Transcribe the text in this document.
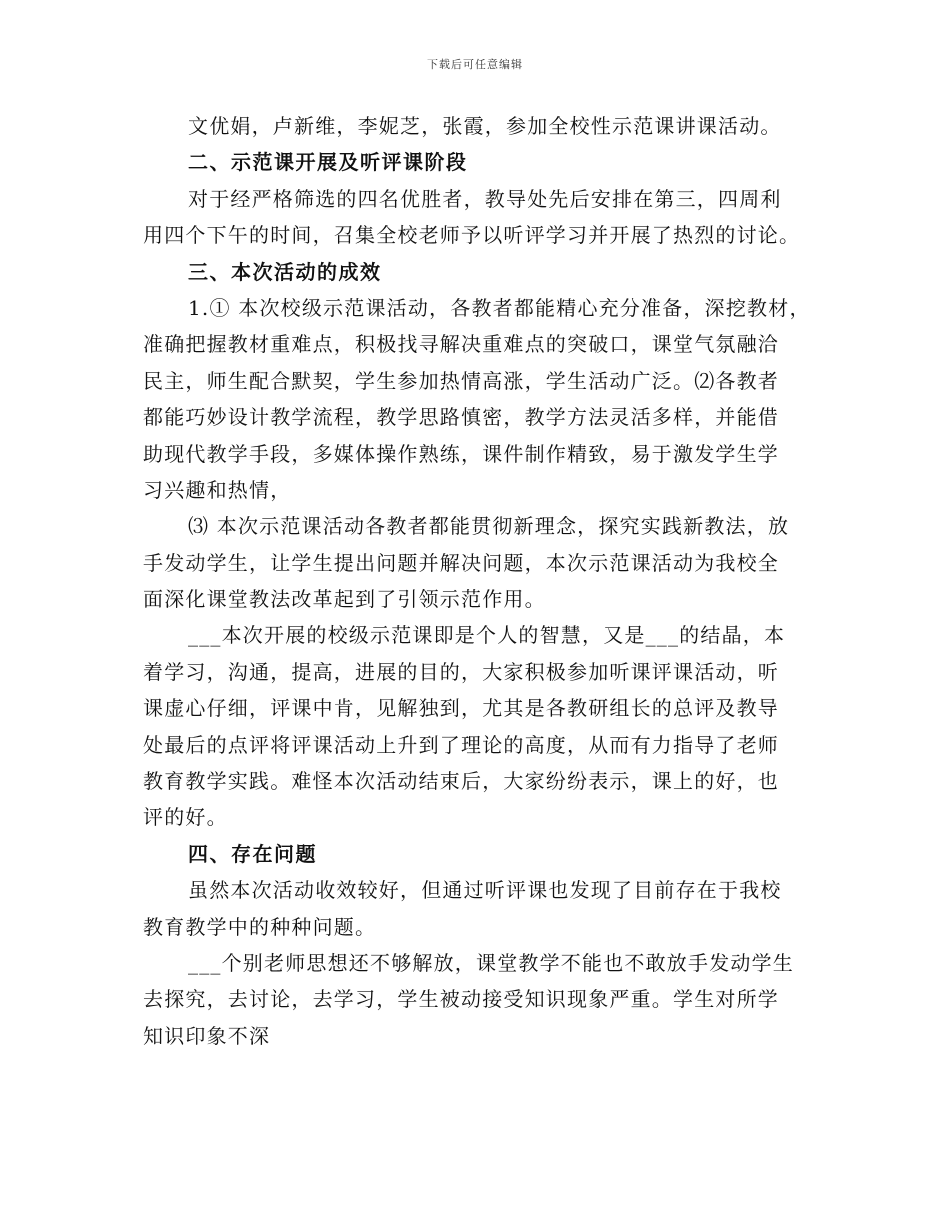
下载后可任意编辑
文优娟，卢新维，李妮芝，张霞，参加全校性示范课讲课活动。
二、示范课开展及听评课阶段
对于经严格筛选的四名优胜者，教导处先后安排在第三，四周利
用四个下午的时间，召集全校老师予以听评学习并开展了热烈的讨论。
三、本次活动的成效
1.① 本次校级示范课活动，各教者都能精心充分准备，深挖教材，
准确把握教材重难点，积极找寻解决重难点的突破口，课堂气氛融洽
民主，师生配合默契，学生参加热情高涨，学生活动广泛。⑵各教者
都能巧妙设计教学流程，教学思路慎密，教学方法灵活多样，并能借
助现代教学手段，多媒体操作熟练，课件制作精致，易于激发学生学
习兴趣和热情，
⑶ 本次示范课活动各教者都能贯彻新理念，探究实践新教法，放
手发动学生，让学生提出问题并解决问题，本次示范课活动为我校全
面深化课堂教法改革起到了引领示范作用。
___本次开展的校级示范课即是个人的智慧，又是___的结晶，本
着学习，沟通，提高，进展的目的，大家积极参加听课评课活动，听
课虚心仔细，评课中肯，见解独到，尤其是各教研组长的总评及教导
处最后的点评将评课活动上升到了理论的高度，从而有力指导了老师
教育教学实践。难怪本次活动结束后，大家纷纷表示，课上的好，也
评的好。
四、存在问题
虽然本次活动收效较好，但通过听评课也发现了目前存在于我校
教育教学中的种种问题。
___个别老师思想还不够解放，课堂教学不能也不敢放手发动学生
去探究，去讨论，去学习，学生被动接受知识现象严重。学生对所学
知识印象不深
